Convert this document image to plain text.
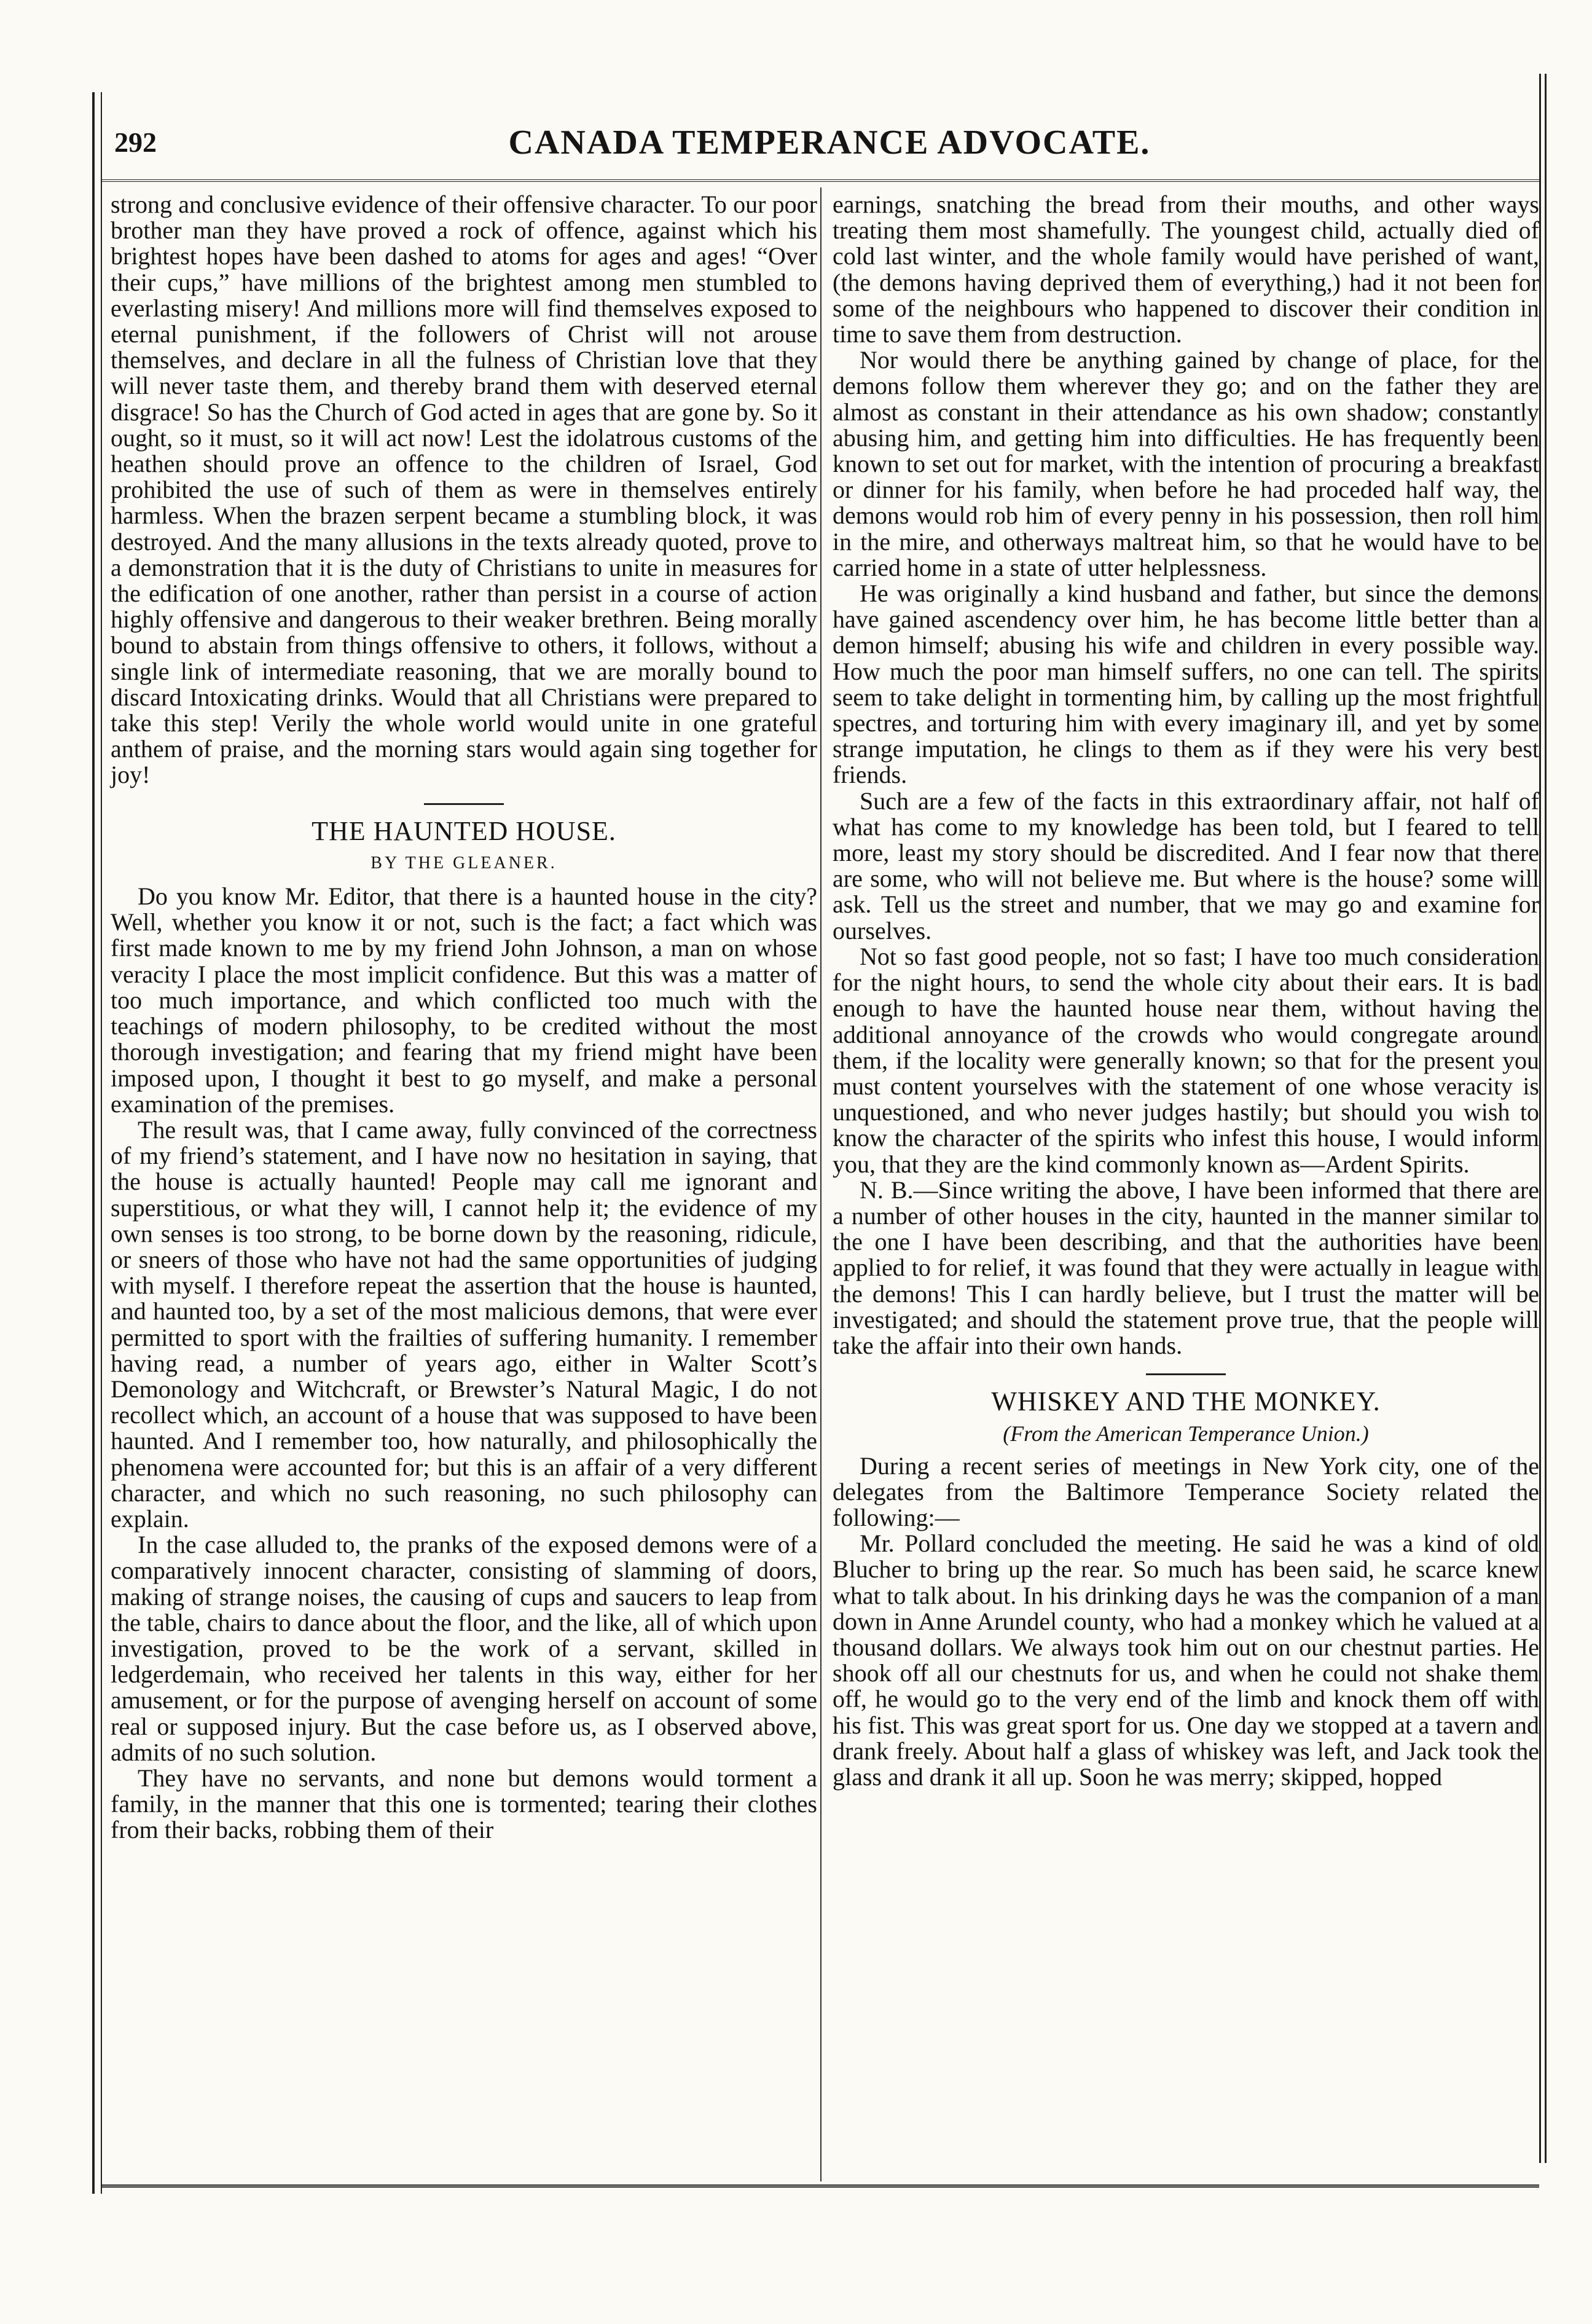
292	CANADA TEMPERANCE ADVOCATE.

strong and conclusive evidence of their offensive character. To our poor brother man they have proved a rock of offence, against which his brightest hopes have been dashed to atoms for ages and ages! “Over their cups,” have millions of the brightest among men stumbled to everlasting misery! And millions more will find themselves exposed to eternal punishment, if the followers of Christ will not arouse themselves, and declare in all the fulness of Christian love that they will never taste them, and thereby brand them with deserved eternal disgrace! So has the Church of God acted in ages that are gone by. So it ought, so it must, so it will act now! Lest the idolatrous customs of the heathen should prove an offence to the children of Israel, God prohibited the use of such of them as were in themselves entirely harmless. When the brazen serpent became a stumbling block, it was destroyed. And the many allusions in the texts already quoted, prove to a demonstration that it is the duty of Christians to unite in measures for the edification of one another, rather than persist in a course of action highly offensive and dangerous to their weaker brethren. Being morally bound to abstain from things offensive to others, it follows, without a single link of intermediate reasoning, that we are morally bound to discard Intoxicating drinks. Would that all Christians were prepared to take this step! Verily the whole world would unite in one grateful anthem of praise, and the morning stars would again sing together for joy!

THE HAUNTED HOUSE.
BY THE GLEANER.

Do you know Mr. Editor, that there is a haunted house in the city? Well, whether you know it or not, such is the fact; a fact which was first made known to me by my friend John Johnson, a man on whose veracity I place the most implicit confidence. But this was a matter of too much importance, and which conflicted too much with the teachings of modern philosophy, to be credited without the most thorough investigation; and fearing that my friend might have been imposed upon, I thought it best to go myself, and make a personal examination of the premises.

The result was, that I came away, fully convinced of the correctness of my friend’s statement, and I have now no hesitation in saying, that the house is actually haunted! People may call me ignorant and superstitious, or what they will, I cannot help it; the evidence of my own senses is too strong, to be borne down by the reasoning, ridicule, or sneers of those who have not had the same opportunities of judging with myself. I therefore repeat the assertion that the house is haunted, and haunted too, by a set of the most malicious demons, that were ever permitted to sport with the frailties of suffering humanity. I remember having read, a number of years ago, either in Walter Scott’s Demonology and Witchcraft, or Brewster’s Natural Magic, I do not recollect which, an account of a house that was supposed to have been haunted. And I remember too, how naturally, and philosophically the phenomena were accounted for; but this is an affair of a very different character, and which no such reasoning, no such philosophy can explain.

In the case alluded to, the pranks of the exposed demons were of a comparatively innocent character, consisting of slamming of doors, making of strange noises, the causing of cups and saucers to leap from the table, chairs to dance about the floor, and the like, all of which upon investigation, proved to be the work of a servant, skilled in ledgerdemain, who received her talents in this way, either for her amusement, or for the purpose of avenging herself on account of some real or supposed injury. But the case before us, as I observed above, admits of no such solution.

They have no servants, and none but demons would torment a family, in the manner that this one is tormented; tearing their clothes from their backs, robbing them of their

earnings, snatching the bread from their mouths, and other ways treating them most shamefully. The youngest child, actually died of cold last winter, and the whole family would have perished of want, (the demons having deprived them of everything,) had it not been for some of the neighbours who happened to discover their condition in time to save them from destruction.

Nor would there be anything gained by change of place, for the demons follow them wherever they go; and on the father they are almost as constant in their attendance as his own shadow; constantly abusing him, and getting him into difficulties. He has frequently been known to set out for market, with the intention of procuring a breakfast or dinner for his family, when before he had proceded half way, the demons would rob him of every penny in his possession, then roll him in the mire, and otherways maltreat him, so that he would have to be carried home in a state of utter helplessness.

He was originally a kind husband and father, but since the demons have gained ascendency over him, he has become little better than a demon himself; abusing his wife and children in every possible way. How much the poor man himself suffers, no one can tell. The spirits seem to take delight in tormenting him, by calling up the most frightful spectres, and torturing him with every imaginary ill, and yet by some strange imputation, he clings to them as if they were his very best friends.

Such are a few of the facts in this extraordinary affair, not half of what has come to my knowledge has been told, but I feared to tell more, least my story should be discredited. And I fear now that there are some, who will not believe me. But where is the house? some will ask. Tell us the street and number, that we may go and examine for ourselves.

Not so fast good people, not so fast; I have too much consideration for the night hours, to send the whole city about their ears. It is bad enough to have the haunted house near them, without having the additional annoyance of the crowds who would congregate around them, if the locality were generally known; so that for the present you must content yourselves with the statement of one whose veracity is unquestioned, and who never judges hastily; but should you wish to know the character of the spirits who infest this house, I would inform you, that they are the kind commonly known as—Ardent Spirits.

N. B.—Since writing the above, I have been informed that there are a number of other houses in the city, haunted in the manner similar to the one I have been describing, and that the authorities have been applied to for relief, it was found that they were actually in league with the demons! This I can hardly believe, but I trust the matter will be investigated; and should the statement prove true, that the people will take the affair into their own hands.

WHISKEY AND THE MONKEY.
(From the American Temperance Union.)

During a recent series of meetings in New York city, one of the delegates from the Baltimore Temperance Society related the following:—

Mr. Pollard concluded the meeting. He said he was a kind of old Blucher to bring up the rear. So much has been said, he scarce knew what to talk about. In his drinking days he was the companion of a man down in Anne Arundel county, who had a monkey which he valued at a thousand dollars. We always took him out on our chestnut parties. He shook off all our chestnuts for us, and when he could not shake them off, he would go to the very end of the limb and knock them off with his fist. This was great sport for us. One day we stopped at a tavern and drank freely. About half a glass of whiskey was left, and Jack took the glass and drank it all up. Soon he was merry; skipped, hopped
